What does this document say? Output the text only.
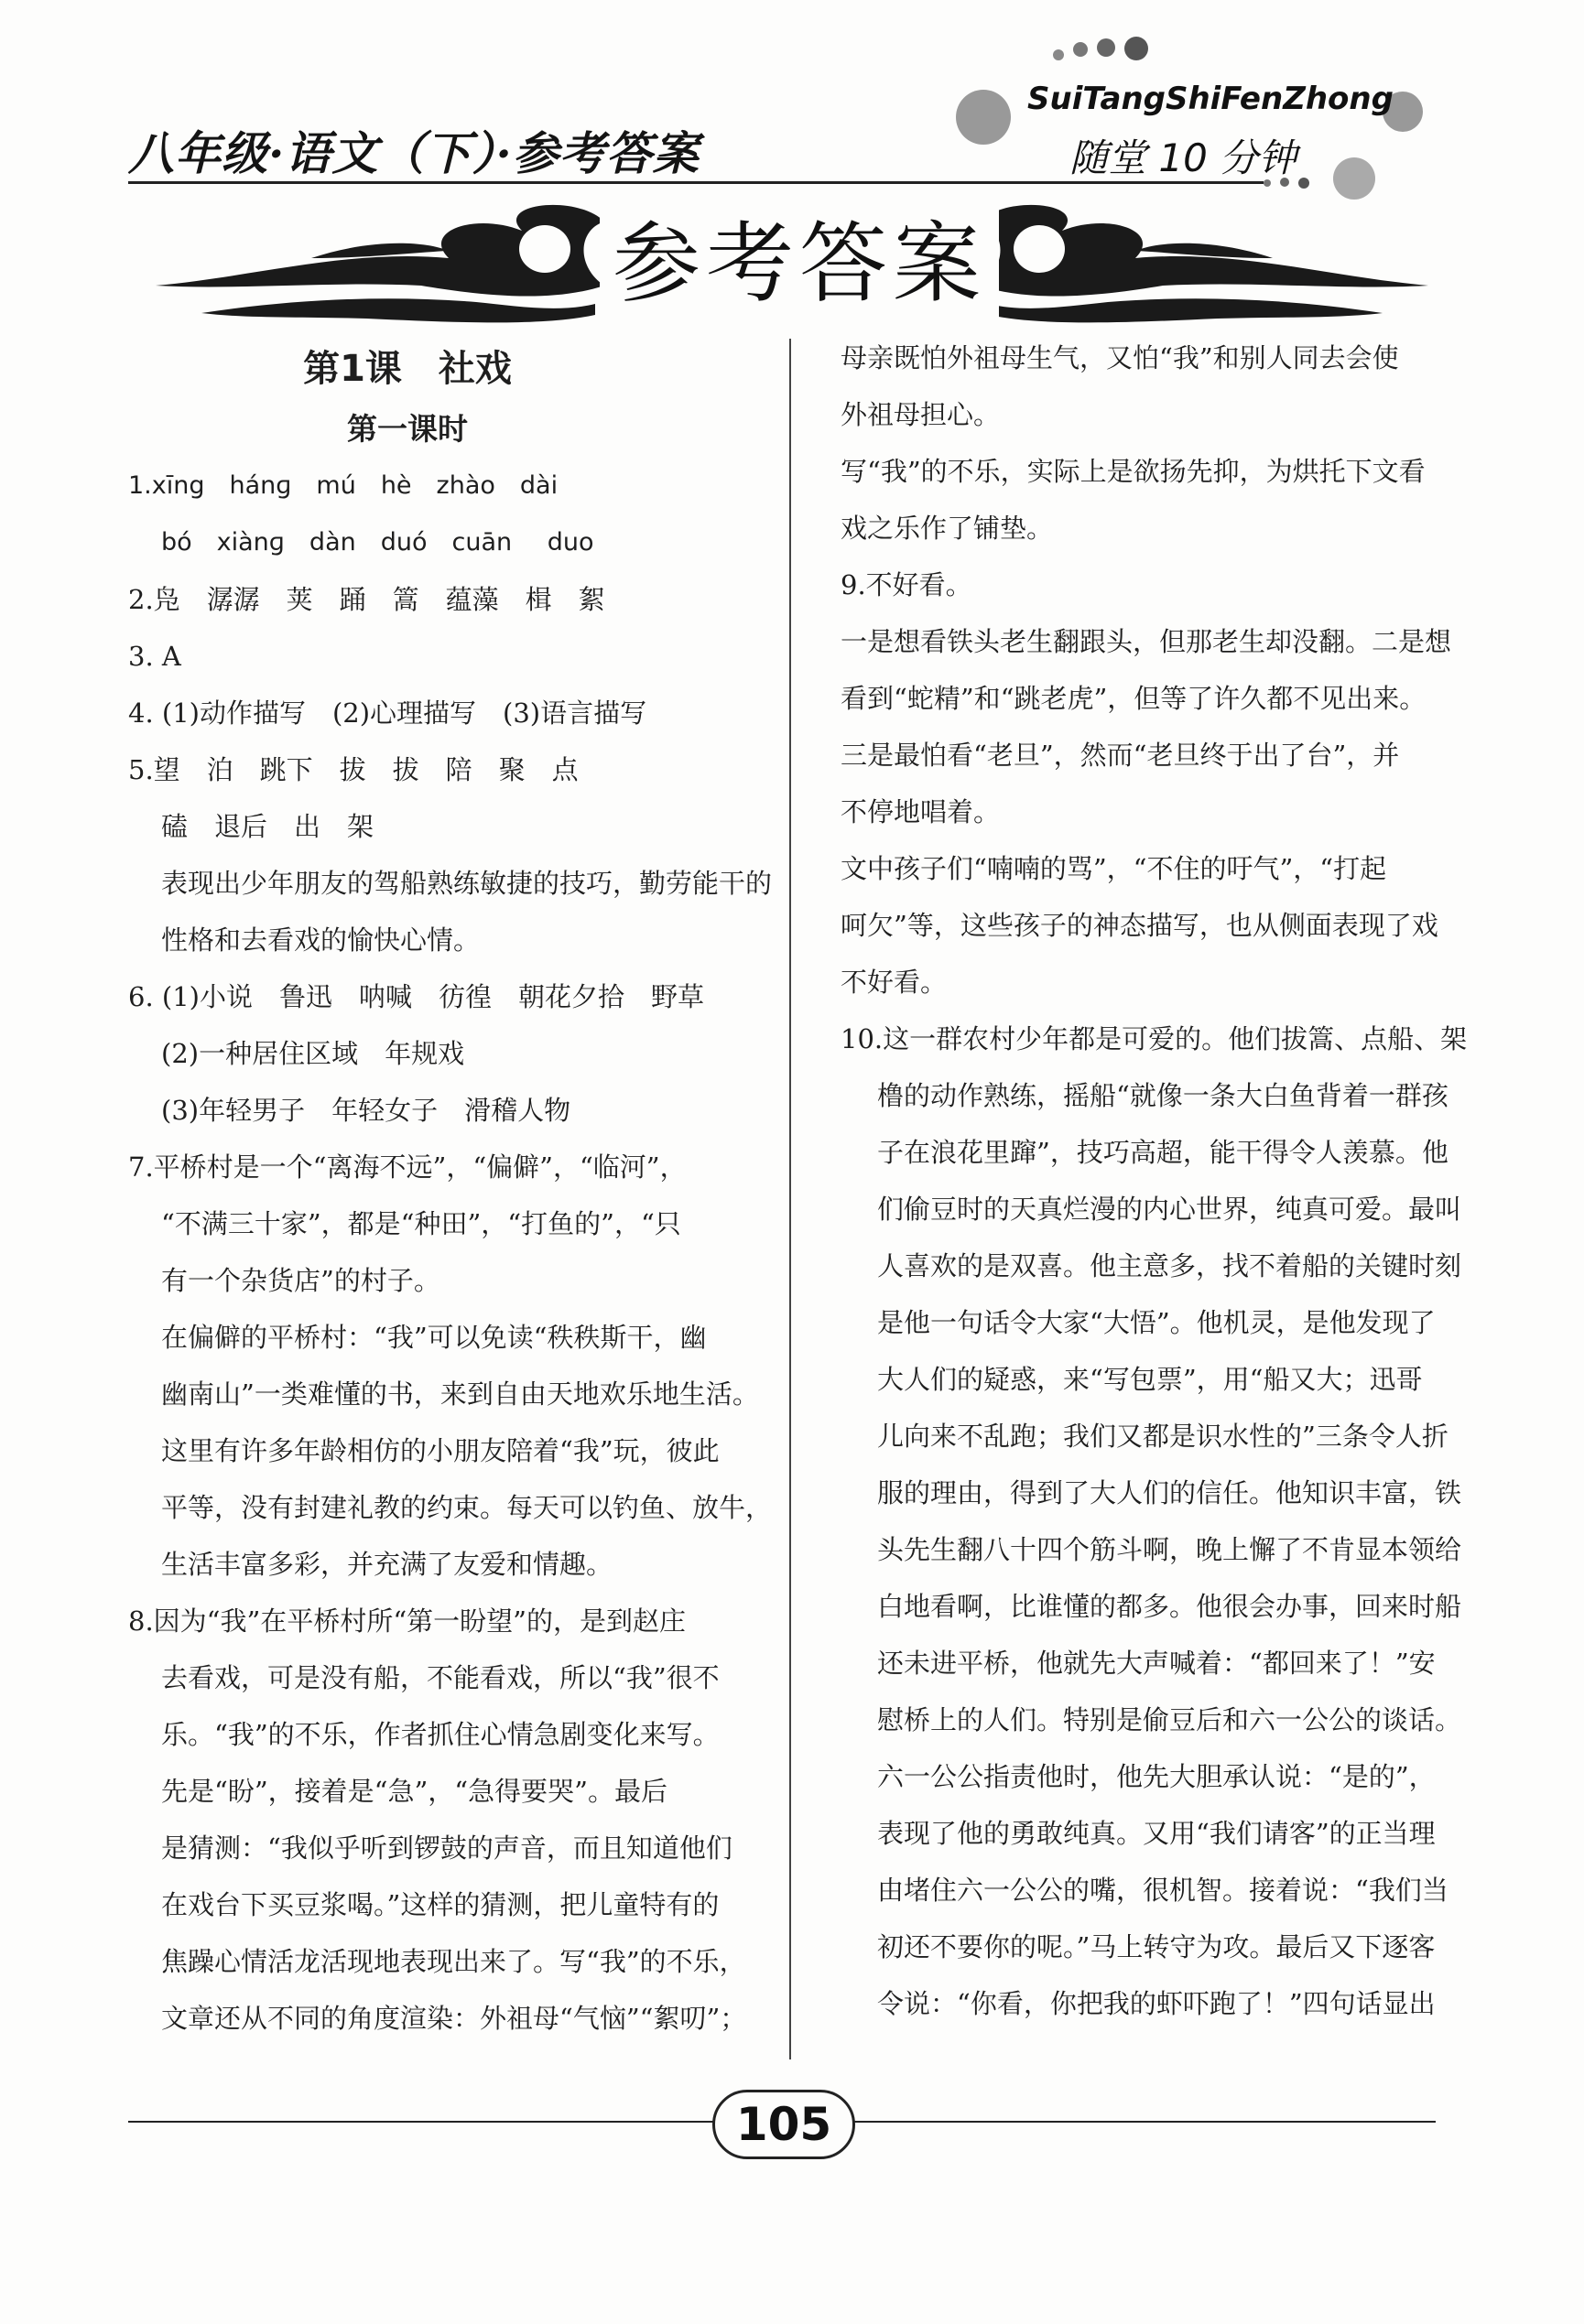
八年级·语文（下）·参考答案
SuiTangShiFenZhong
随堂 10 分钟
参考答案
第1课　社戏
第一课时
1.xīng　hánɡ　mú　hè　zhào　dài
bó　xiànɡ　dàn　duó　cuān duo
2.凫　潺潺　荚　踊　篙　蕴藻　楫　絮
3. A
4. (1)动作描写　(2)心理描写　(3)语言描写
5.望　泊　跳下　拔　拔　陪　聚　点
磕　退后　出　架
表现出少年朋友的驾船熟练敏捷的技巧，勤劳能干的
性格和去看戏的愉快心情。
6. (1)小说　鲁迅　呐喊　彷徨　朝花夕拾　野草
(2)一种居住区域　年规戏
(3)年轻男子　年轻女子　滑稽人物
7.平桥村是一个“离海不远”，“偏僻”，“临河”，
“不满三十家”，都是“种田”，“打鱼的”，“只
有一个杂货店”的村子。
在偏僻的平桥村：“我”可以免读“秩秩斯干，幽
幽南山”一类难懂的书，来到自由天地欢乐地生活。
这里有许多年龄相仿的小朋友陪着“我”玩，彼此
平等，没有封建礼教的约束。每天可以钓鱼、放牛，
生活丰富多彩，并充满了友爱和情趣。
8.因为“我”在平桥村所“第一盼望”的，是到赵庄
去看戏，可是没有船，不能看戏，所以“我”很不
乐。“我”的不乐，作者抓住心情急剧变化来写。
先是“盼”，接着是“急”，“急得要哭”。最后
是猜测：“我似乎听到锣鼓的声音，而且知道他们
在戏台下买豆浆喝。”这样的猜测，把儿童特有的
焦躁心情活龙活现地表现出来了。写“我”的不乐，
文章还从不同的角度渲染：外祖母“气恼”“絮叨”；
母亲既怕外祖母生气，又怕“我”和别人同去会使
外祖母担心。
写“我”的不乐，实际上是欲扬先抑，为烘托下文看
戏之乐作了铺垫。
9.不好看。
一是想看铁头老生翻跟头，但那老生却没翻。二是想
看到“蛇精”和“跳老虎”，但等了许久都不见出来。
三是最怕看“老旦”，然而“老旦终于出了台”，并
不停地唱着。
文中孩子们“喃喃的骂”，“不住的吁气”，“打起
呵欠”等，这些孩子的神态描写，也从侧面表现了戏
不好看。
10.这一群农村少年都是可爱的。他们拔篙、点船、架
橹的动作熟练，摇船“就像一条大白鱼背着一群孩
子在浪花里蹿”，技巧高超，能干得令人羡慕。他
们偷豆时的天真烂漫的内心世界，纯真可爱。最叫
人喜欢的是双喜。他主意多，找不着船的关键时刻
是他一句话令大家“大悟”。他机灵，是他发现了
大人们的疑惑，来“写包票”，用“船又大；迅哥
儿向来不乱跑；我们又都是识水性的”三条令人折
服的理由，得到了大人们的信任。他知识丰富，铁
头先生翻八十四个筋斗啊，晚上懈了不肯显本领给
白地看啊，比谁懂的都多。他很会办事，回来时船
还未进平桥，他就先大声喊着：“都回来了！”安
慰桥上的人们。特别是偷豆后和六一公公的谈话。
六一公公指责他时，他先大胆承认说：“是的”，
表现了他的勇敢纯真。又用“我们请客”的正当理
由堵住六一公公的嘴，很机智。接着说：“我们当
初还不要你的呢。”马上转守为攻。最后又下逐客
令说：“你看，你把我的虾吓跑了！”四句话显出
105
